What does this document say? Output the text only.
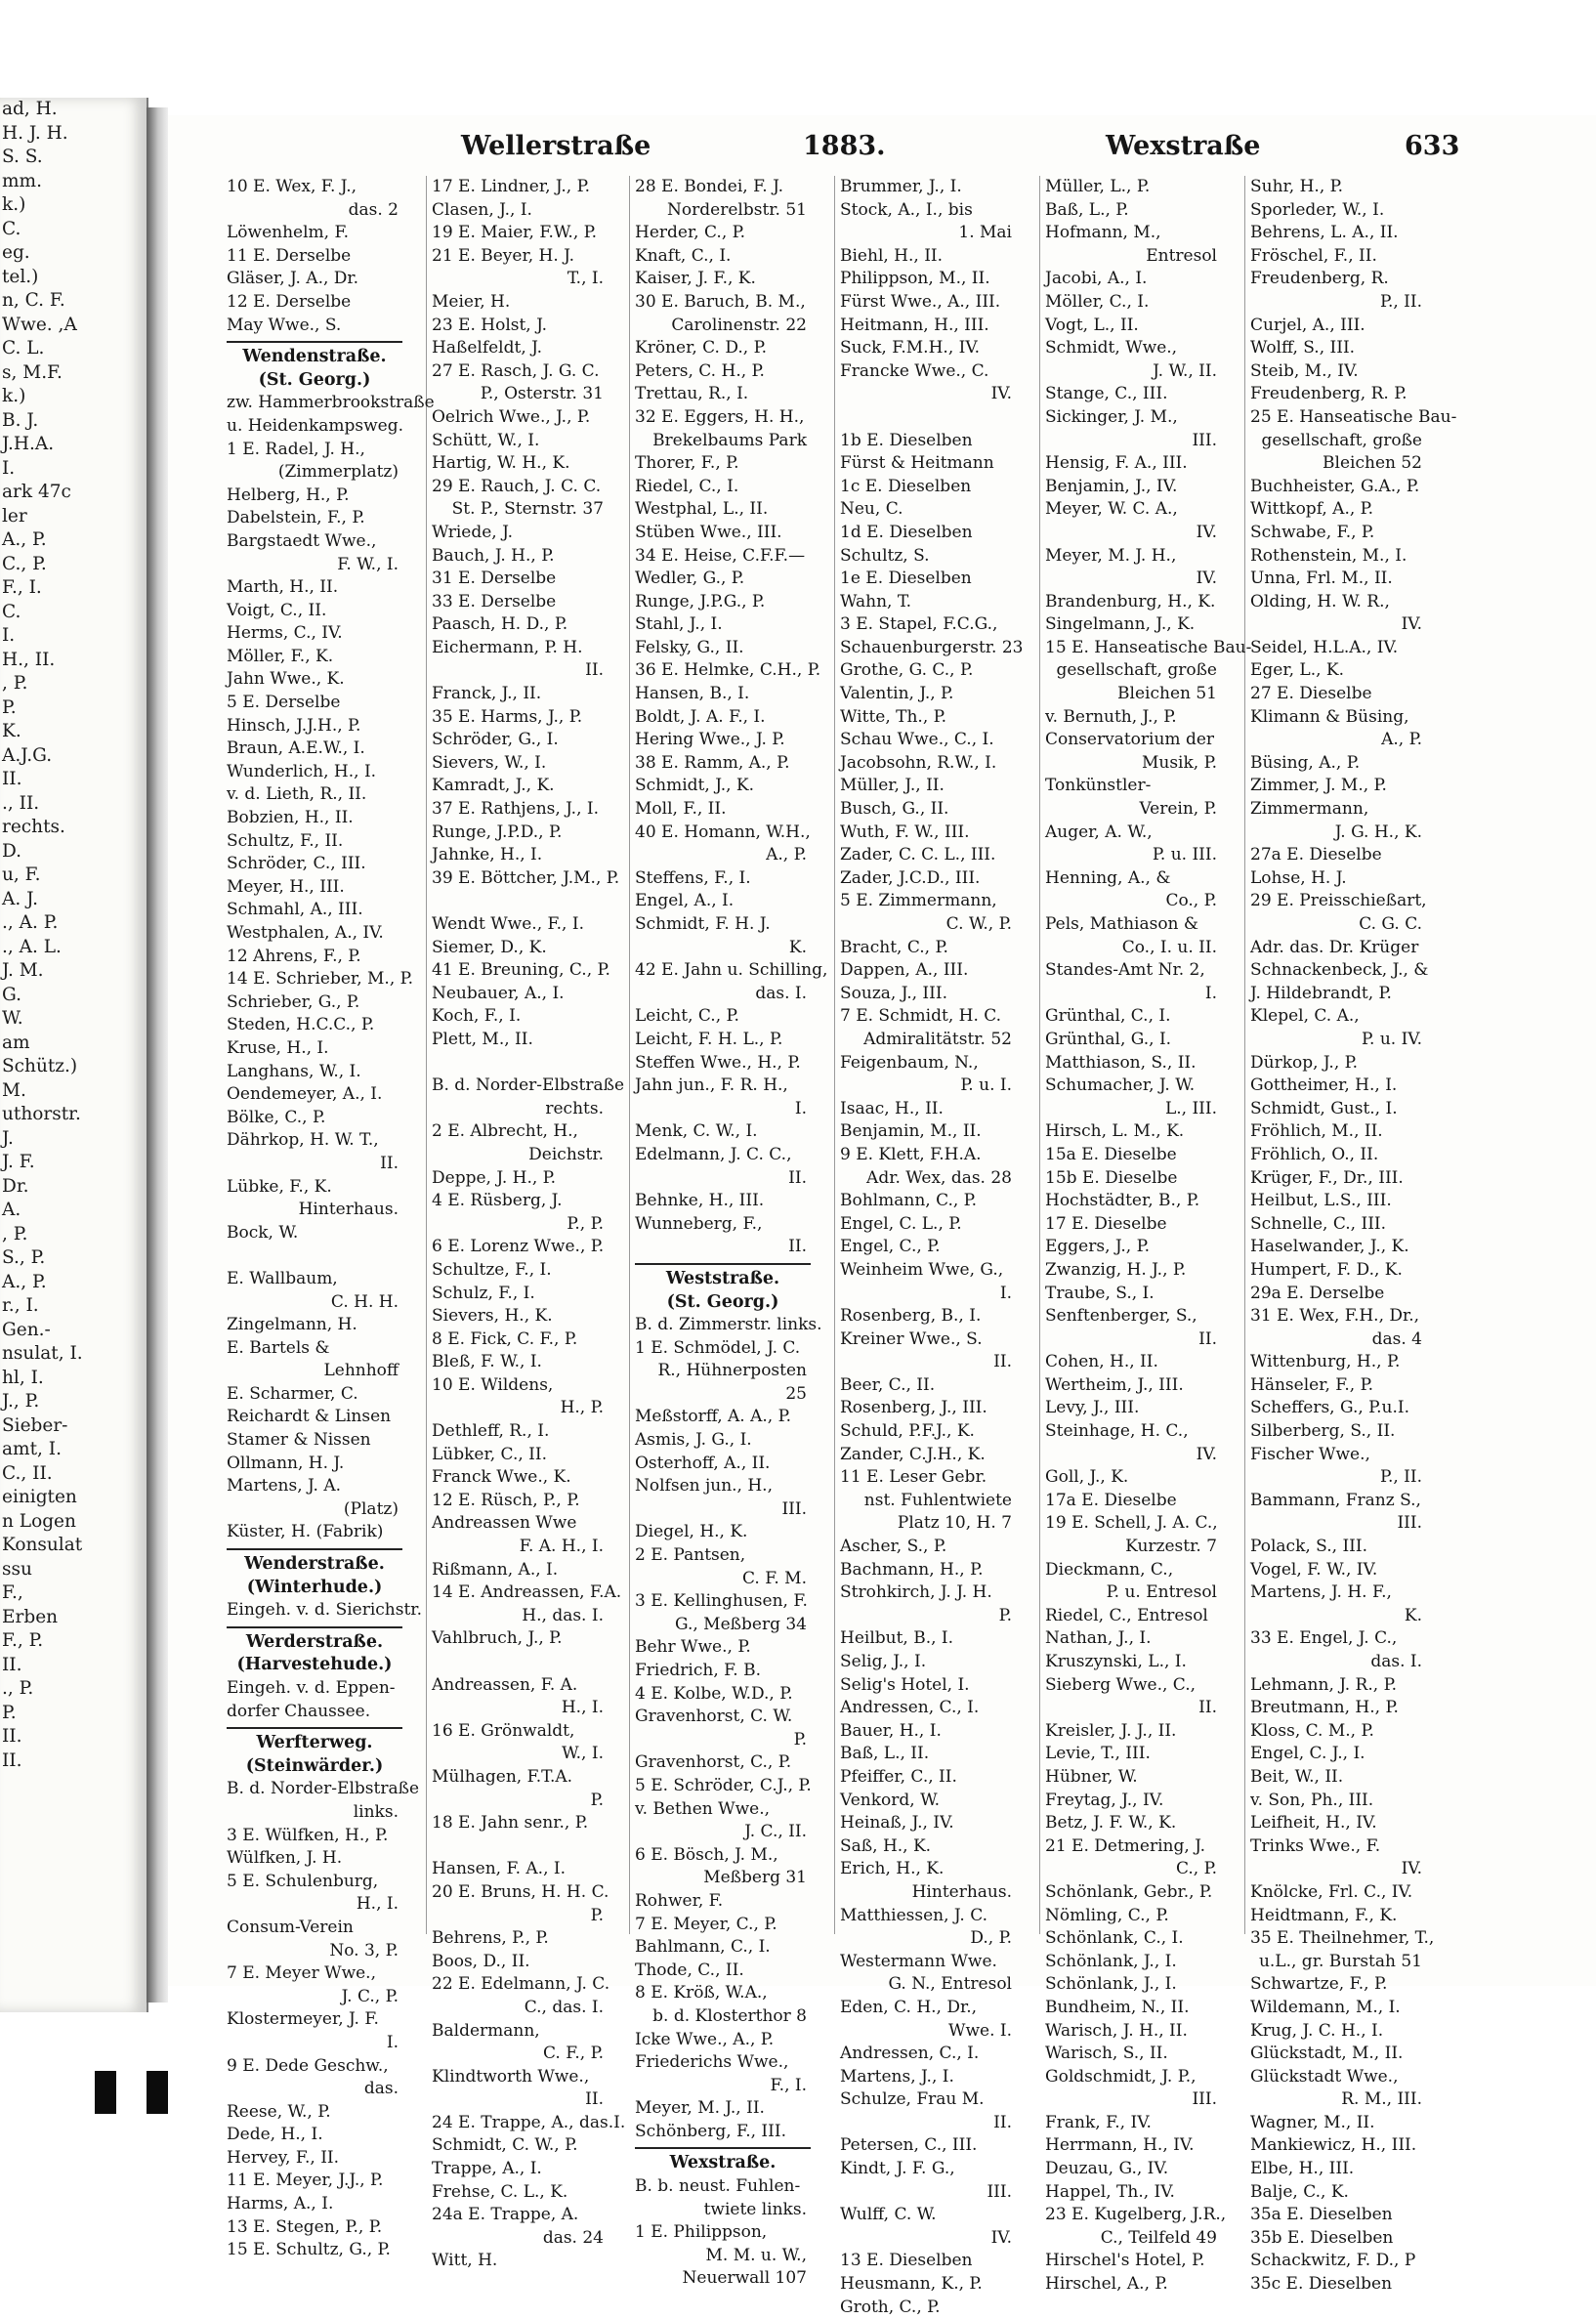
ad, H.
H. J. H.
S. S.
mm.
k.)
C.
eg.
tel.)
n, C. F.
Wwe. ,A
C. L.
s, M.F.
k.)
B. J.
J.H.A.
I.
ark 47c
ler
A., P.
C., P.
F., I.
C.
I.
H., II.
, P.
P.
K.
A.J.G.
II.
., II.
rechts.
D.
u, F.
A. J.
., A. P.
., A. L.
J. M.
G.
W.
am
Schütz.)
M.
uthorstr.
J.
J. F.
Dr.
A.
, P.
S., P.
A., P.
r., I.
Gen.-
nsulat, I.
hl, I.
J., P.
Sieber-
amt, I.
C., II.
einigten
n Logen
Konsulat
ssu
F.,
Erben
F., P.
II.
., P.
P.
II.
II.
Wellerstraße	1883.	Wexstraße	633
10 E. Wex, F. J.,
das. 2
Löwenhelm, F.
11 E. Derselbe
Gläser, J. A., Dr.
12 E. Derselbe
May Wwe., S.
Wendenstraße.
(St. Georg.)
zw. Hammerbrookstraße
u. Heidenkampsweg.
1 E. Radel, J. H.,
(Zimmerplatz)
Helberg, H., P.
Dabelstein, F., P.
Bargstaedt Wwe.,
F. W., I.
Marth, H., II.
Voigt, C., II.
Herms, C., IV.
Möller, F., K.
Jahn Wwe., K.
5 E. Derselbe
Hinsch, J.J.H., P.
Braun, A.E.W., I.
Wunderlich, H., I.
v. d. Lieth, R., II.
Bobzien, H., II.
Schultz, F., II.
Schröder, C., III.
Meyer, H., III.
Schmahl, A., III.
Westphalen, A., IV.
12 Ahrens, F., P.
14 E. Schrieber, M., P.
Schrieber, G., P.
Steden, H.C.C., P.
Kruse, H., I.
Langhans, W., I.
Oendemeyer, A., I.
Bölke, C., P.
Dährkop, H. W. T.,
II.
Lübke, F., K.
Hinterhaus.
Bock, W.

E. Wallbaum,
C. H. H.
Zingelmann, H.
E. Bartels &
Lehnhoff
E. Scharmer, C.
Reichardt & Linsen
Stamer & Nissen
Ollmann, H. J.
Martens, J. A.
(Platz)
Küster, H. (Fabrik)
Wenderstraße.
(Winterhude.)
Eingeh. v. d. Sierichstr.
Werderstraße.
(Harvestehude.)
Eingeh. v. d. Eppen-
dorfer Chaussee.
Werfterweg.
(Steinwärder.)
B. d. Norder-Elbstraße
links.
3 E. Wülfken, H., P.
Wülfken, J. H.
5 E. Schulenburg,
H., I.
Consum-Verein
No. 3, P.
7 E. Meyer Wwe.,
J. C., P.
Klostermeyer, J. F.
I.
9 E. Dede Geschw.,
das.
Reese, W., P.
Dede, H., I.
Hervey, F., II.
11 E. Meyer, J.J., P.
Harms, A., I.
13 E. Stegen, P., P.
15 E. Schultz, G., P.
17 E. Lindner, J., P.
Clasen, J., I.
19 E. Maier, F.W., P.
21 E. Beyer, H. J.
T., I.
Meier, H.
23 E. Holst, J.
Haßelfeldt, J.
27 E. Rasch, J. G. C.
P., Osterstr. 31
Oelrich Wwe., J., P.
Schütt, W., I.
Hartig, W. H., K.
29 E. Rauch, J. C. C.
St. P., Sternstr. 37
Wriede, J.
Bauch, J. H., P.
31 E. Derselbe
33 E. Derselbe
Paasch, H. D., P.
Eichermann, P. H.
II.
Franck, J., II.
35 E. Harms, J., P.
Schröder, G., I.
Sievers, W., I.
Kamradt, J., K.
37 E. Rathjens, J., I.
Runge, J.P.D., P.
Jahnke, H., I.
39 E. Böttcher, J.M., P.

Wendt Wwe., F., I.
Siemer, D., K.
41 E. Breuning, C., P.
Neubauer, A., I.
Koch, F., I.
Plett, M., II.

B. d. Norder-Elbstraße
rechts.
2 E. Albrecht, H.,
Deichstr.
Deppe, J. H., P.
4 E. Rüsberg, J.
P., P.
6 E. Lorenz Wwe., P.
Schultze, F., I.
Schulz, F., I.
Sievers, H., K.
8 E. Fick, C. F., P.
Bleß, F. W., I.
10 E. Wildens,
H., P.
Dethleff, R., I.
Lübker, C., II.
Franck Wwe., K.
12 E. Rüsch, P., P.
Andreassen Wwe
F. A. H., I.
Rißmann, A., I.
14 E. Andreassen, F.A.
H., das. I.
Vahlbruch, J., P.

Andreassen, F. A.
H., I.
16 E. Grönwaldt,
W., I.
Mülhagen, F.T.A.
P.
18 E. Jahn senr., P.

Hansen, F. A., I.
20 E. Bruns, H. H. C.
P.
Behrens, P., P.
Boos, D., II.
22 E. Edelmann, J. C.
C., das. I.
Baldermann,
C. F., P.
Klindtworth Wwe.,
II.
24 E. Trappe, A., das.I.
Schmidt, C. W., P.
Trappe, A., I.
Frehse, C. L., K.
24a E. Trappe, A.
das. 24
Witt, H.
28 E. Bondei, F. J.
Norderelbstr. 51
Herder, C., P.
Knaft, C., I.
Kaiser, J. F., K.
30 E. Baruch, B. M.,
Carolinenstr. 22
Kröner, C. D., P.
Peters, C. H., P.
Trettau, R., I.
32 E. Eggers, H. H.,
Brekelbaums Park
Thorer, F., P.
Riedel, C., I.
Westphal, L., II.
Stüben Wwe., III.
34 E. Heise, C.F.F.—
Wedler, G., P.
Runge, J.P.G., P.
Stahl, J., I.
Felsky, G., II.
36 E. Helmke, C.H., P.
Hansen, B., I.
Boldt, J. A. F., I.
Hering Wwe., J. P.
38 E. Ramm, A., P.
Schmidt, J., K.
Moll, F., II.
40 E. Homann, W.H.,
A., P.
Steffens, F., I.
Engel, A., I.
Schmidt, F. H. J.
K.
42 E. Jahn u. Schilling,
das. I.
Leicht, C., P.
Leicht, F. H. L., P.
Steffen Wwe., H., P.
Jahn jun., F. R. H.,
I.
Menk, C. W., I.
Edelmann, J. C. C.,
II.
Behnke, H., III.
Wunneberg, F.,
II.
Weststraße.
(St. Georg.)
B. d. Zimmerstr. links.
1 E. Schmödel, J. C.
R., Hühnerposten
25
Meßstorff, A. A., P.
Asmis, J. G., I.
Osterhoff, A., II.
Nolfsen jun., H.,
III.
Diegel, H., K.
2 E. Pantsen,
C. F. M.
3 E. Kellinghusen, F.
G., Meßberg 34
Behr Wwe., P.
Friedrich, F. B.
4 E. Kolbe, W.D., P.
Gravenhorst, C. W.
P.
Gravenhorst, C., P.
5 E. Schröder, C.J., P.
v. Bethen Wwe.,
J. C., II.
6 E. Bösch, J. M.,
Meßberg 31
Rohwer, F.
7 E. Meyer, C., P.
Bahlmann, C., I.
Thode, C., II.
8 E. Kröß, W.A.,
b. d. Klosterthor 8
Icke Wwe., A., P.
Friederichs Wwe.,
F., I.
Meyer, M. J., II.
Schönberg, F., III.
Wexstraße.
B. b. neust. Fuhlen-
twiete links.
1 E. Philippson,
M. M. u. W.,
Neuerwall 107
Brummer, J., I.
Stock, A., I., bis
1. Mai
Biehl, H., II.
Philippson, M., II.
Fürst Wwe., A., III.
Heitmann, H., III.
Suck, F.M.H., IV.
Francke Wwe., C.
IV.

1b E. Dieselben
Fürst & Heitmann
1c E. Dieselben
Neu, C.
1d E. Dieselben
Schultz, S.
1e E. Dieselben
Wahn, T.
3 E. Stapel, F.C.G.,
Schauenburgerstr. 23
Grothe, G. C., P.
Valentin, J., P.
Witte, Th., P.
Schau Wwe., C., I.
Jacobsohn, R.W., I.
Müller, J., II.
Busch, G., II.
Wuth, F. W., III.
Zader, C. C. L., III.
Zader, J.C.D., III.
5 E. Zimmermann,
C. W., P.
Bracht, C., P.
Dappen, A., III.
Souza, J., III.
7 E. Schmidt, H. C.
Admiralitätstr. 52
Feigenbaum, N.,
P. u. I.
Isaac, H., II.
Benjamin, M., II.
9 E. Klett, F.H.A.
Adr. Wex, das. 28
Bohlmann, C., P.
Engel, C. L., P.
Engel, C., P.
Weinheim Wwe, G.,
I.
Rosenberg, B., I.
Kreiner Wwe., S.
II.
Beer, C., II.
Rosenberg, J., III.
Schuld, P.F.J., K.
Zander, C.J.H., K.
11 E. Leser Gebr.
nst. Fuhlentwiete
Platz 10, H. 7
Ascher, S., P.
Bachmann, H., P.
Strohkirch, J. J. H.
P.
Heilbut, B., I.
Selig, J., I.
Selig's Hotel, I.
Andressen, C., I.
Bauer, H., I.
Baß, L., II.
Pfeiffer, C., II.
Venkord, W.
Heinaß, J., IV.
Saß, H., K.
Erich, H., K.
Hinterhaus.
Matthiessen, J. C.
D., P.
Westermann Wwe.
G. N., Entresol
Eden, C. H., Dr.,
Wwe. I.
Andressen, C., I.
Martens, J., I.
Schulze, Frau M.
II.
Petersen, C., III.
Kindt, J. F. G.,
III.
Wulff, C. W.
IV.
13 E. Dieselben
Heusmann, K., P.
Groth, C., P.
Müller, L., P.
Baß, L., P.
Hofmann, M.,
Entresol
Jacobi, A., I.
Möller, C., I.
Vogt, L., II.
Schmidt, Wwe.,
J. W., II.
Stange, C., III.
Sickinger, J. M.,
III.
Hensig, F. A., III.
Benjamin, J., IV.
Meyer, W. C. A.,
IV.
Meyer, M. J. H.,
IV.
Brandenburg, H., K.
Singelmann, J., K.
15 E. Hanseatische Bau-
gesellschaft, große
Bleichen 51
v. Bernuth, J., P.
Conservatorium der
Musik, P.
Tonkünstler-
Verein, P.
Auger, A. W.,
P. u. III.
Henning, A., &
Co., P.
Pels, Mathiason &
Co., I. u. II.
Standes-Amt Nr. 2,
I.
Grünthal, C., I.
Grünthal, G., I.
Matthiason, S., II.
Schumacher, J. W.
L., III.
Hirsch, L. M., K.
15a E. Dieselbe
15b E. Dieselbe
Hochstädter, B., P.
17 E. Dieselbe
Eggers, J., P.
Zwanzig, H. J., P.
Traube, S., I.
Senftenberger, S.,
II.
Cohen, H., II.
Wertheim, J., III.
Levy, J., III.
Steinhage, H. C.,
IV.
Goll, J., K.
17a E. Dieselbe
19 E. Schell, J. A. C.,
Kurzestr. 7
Dieckmann, C.,
P. u. Entresol
Riedel, C., Entresol
Nathan, J., I.
Kruszynski, L., I.
Sieberg Wwe., C.,
II.
Kreisler, J. J., II.
Levie, T., III.
Hübner, W.
Freytag, J., IV.
Betz, J. F. W., K.
21 E. Detmering, J.
C., P.
Schönlank, Gebr., P.
Nömling, C., P.
Schönlank, C., I.
Schönlank, J., I.
Schönlank, J., I.
Bundheim, N., II.
Warisch, J. H., II.
Warisch, S., II.
Goldschmidt, J. P.,
III.
Frank, F., IV.
Herrmann, H., IV.
Deuzau, G., IV.
Happel, Th., IV.
23 E. Kugelberg, J.R.,
C., Teilfeld 49
Hirschel's Hotel, P.
Hirschel, A., P.
Suhr, H., P.
Sporleder, W., I.
Behrens, L. A., II.
Fröschel, F., II.
Freudenberg, R.
P., II.
Curjel, A., III.
Wolff, S., III.
Steib, M., IV.
Freudenberg, R. P.
25 E. Hanseatische Bau-
gesellschaft, große
Bleichen 52
Buchheister, G.A., P.
Wittkopf, A., P.
Schwabe, F., P.
Rothenstein, M., I.
Unna, Frl. M., II.
Olding, H. W. R.,
IV.
Seidel, H.L.A., IV.
Eger, L., K.
27 E. Dieselbe
Klimann & Büsing,
A., P.
Büsing, A., P.
Zimmer, J. M., P.
Zimmermann,
J. G. H., K.
27a E. Dieselbe
Lohse, H. J.
29 E. Preisschießart,
C. G. C.
Adr. das. Dr. Krüger
Schnackenbeck, J., &
J. Hildebrandt, P.
Klepel, C. A.,
P. u. IV.
Dürkop, J., P.
Gottheimer, H., I.
Schmidt, Gust., I.
Fröhlich, M., II.
Fröhlich, O., II.
Krüger, F., Dr., III.
Heilbut, L.S., III.
Schnelle, C., III.
Haselwander, J., K.
Humpert, F. D., K.
29a E. Derselbe
31 E. Wex, F.H., Dr.,
das. 4
Wittenburg, H., P.
Hänseler, F., P.
Scheffers, G., P.u.I.
Silberberg, S., II.
Fischer Wwe.,
P., II.
Bammann, Franz S.,
III.
Polack, S., III.
Vogel, F. W., IV.
Martens, J. H. F.,
K.
33 E. Engel, J. C.,
das. I.
Lehmann, J. R., P.
Breutmann, H., P.
Kloss, C. M., P.
Engel, C. J., I.
Beit, W., II.
v. Son, Ph., III.
Leifheit, H., IV.
Trinks Wwe., F.
IV.
Knölcke, Frl. C., IV.
Heidtmann, F., K.
35 E. Theilnehmer, T.,
u.L., gr. Burstah 51
Schwartze, F., P.
Wildemann, M., I.
Krug, J. C. H., I.
Glückstadt, M., II.
Glückstadt Wwe.,
R. M., III.
Wagner, M., II.
Mankiewicz, H., III.
Elbe, H., III.
Balje, C., K.
35a E. Dieselben
35b E. Dieselben
Schackwitz, F. D., P
35c E. Dieselben
